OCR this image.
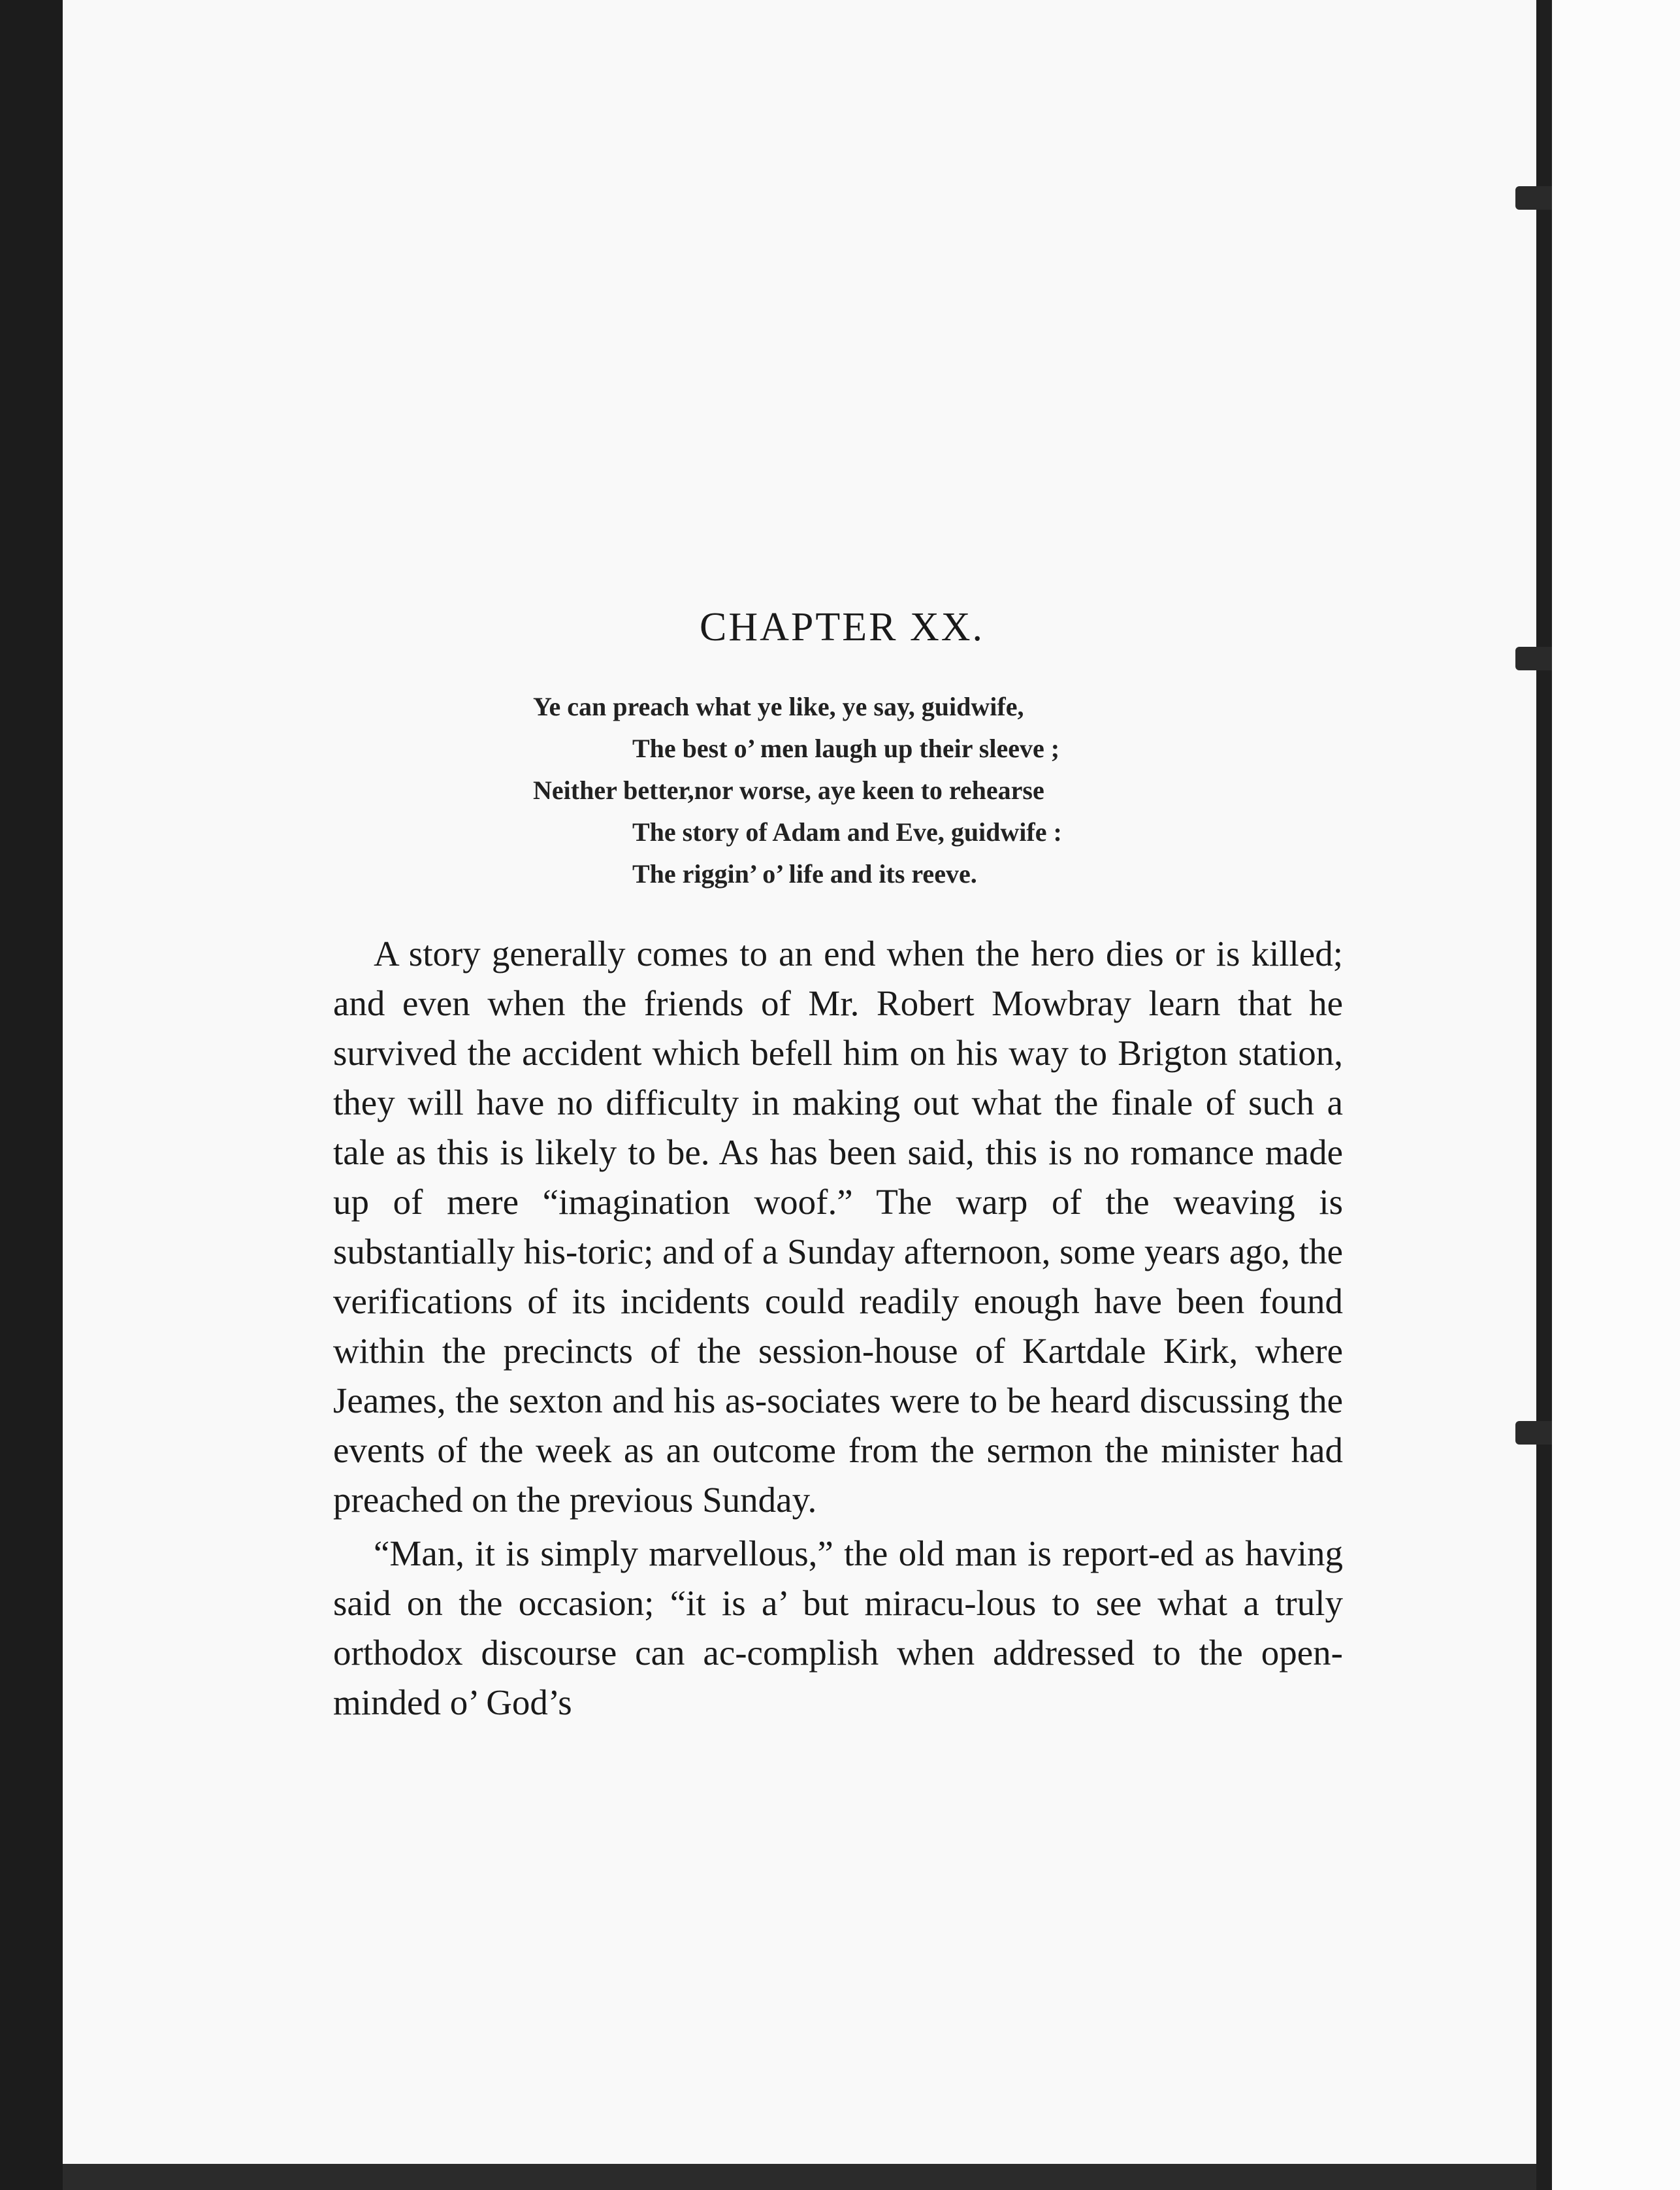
CHAPTER XX.
Ye can preach what ye like, ye say, guidwife,
The best o’ men laugh up their sleeve ;
Neither better,nor worse, aye keen to rehearse
The story of Adam and Eve, guidwife :
The riggin’ o’ life and its reeve.

A story generally comes to an end when the hero dies or is killed; and even when the friends of Mr. Robert Mowbray learn that he survived the accident which befell him on his way to Brigton station, they will have no difficulty in making out what the finale of such a tale as this is likely to be. As has been said, this is no romance made up of mere “imagination woof.” The warp of the weaving is substantially his-toric; and of a Sunday afternoon, some years ago, the verifications of its incidents could readily enough have been found within the precincts of the session-house of Kartdale Kirk, where Jeames, the sexton and his as-sociates were to be heard discussing the events of the week as an outcome from the sermon the minister had preached on the previous Sunday.

“Man, it is simply marvellous,” the old man is report-ed as having said on the occasion; “it is a’ but miracu-lous to see what a truly orthodox discourse can ac-complish when addressed to the open-minded o’ God’s
